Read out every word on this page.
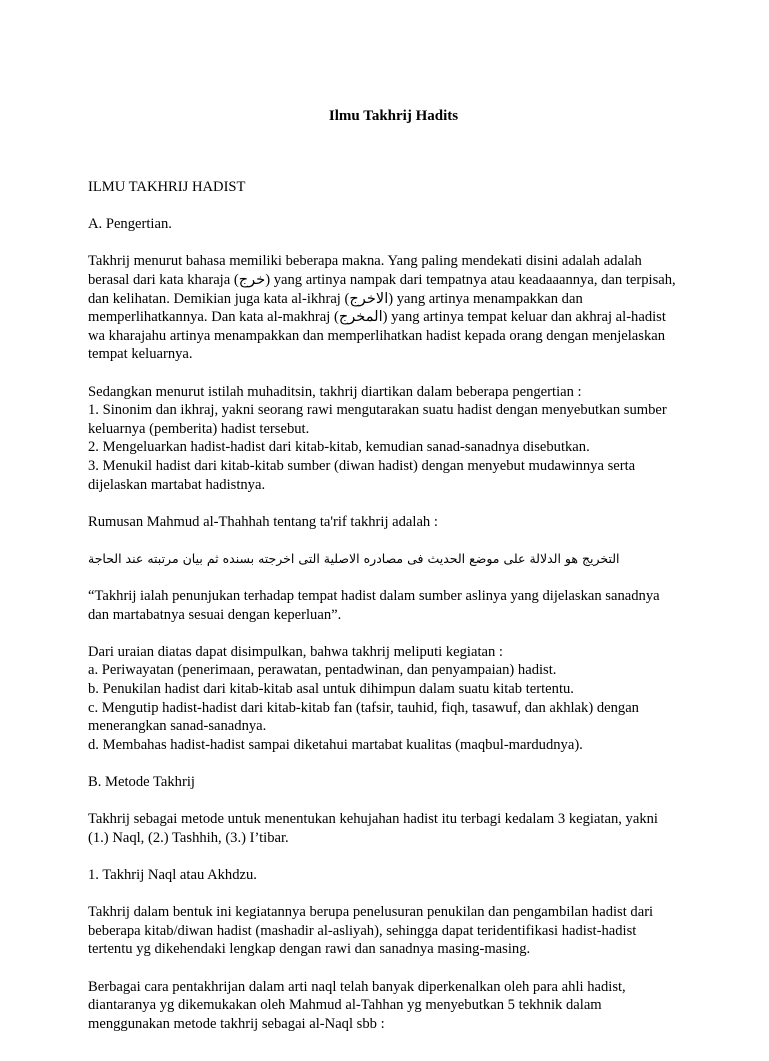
Ilmu Takhrij Hadits
ILMU TAKHRIJ HADIST
A. Pengertian.
Takhrij menurut bahasa memiliki beberapa makna. Yang paling mendekati disini adalah adalah
berasal dari kata kharaja (خرج) yang artinya nampak dari tempatnya atau keadaaannya, dan terpisah,
dan kelihatan. Demikian juga kata al-ikhraj (الاخرج) yang artinya menampakkan dan
memperlihatkannya. Dan kata al-makhraj (المخرج) yang artinya tempat keluar dan akhraj al-hadist
wa kharajahu artinya menampakkan dan memperlihatkan hadist kepada orang dengan menjelaskan
tempat keluarnya.
Sedangkan menurut istilah muhaditsin, takhrij diartikan dalam beberapa pengertian :
1. Sinonim dan ikhraj, yakni seorang rawi mengutarakan suatu hadist dengan menyebutkan sumber
keluarnya (pemberita) hadist tersebut.
2. Mengeluarkan hadist-hadist dari kitab-kitab, kemudian sanad-sanadnya disebutkan.
3. Menukil hadist dari kitab-kitab sumber (diwan hadist) dengan menyebut mudawinnya serta
dijelaskan martabat hadistnya.
Rumusan Mahmud al-Thahhah tentang ta'rif takhrij adalah :
التخريج هو الدلالة على موضع الحديث فى مصادره الاصلية التى اخرجته بسنده ثم بيان مرتبته عند الحاجة
“Takhrij ialah penunjukan terhadap tempat hadist dalam sumber aslinya yang dijelaskan sanadnya
dan martabatnya sesuai dengan keperluan”.
Dari uraian diatas dapat disimpulkan, bahwa takhrij meliputi kegiatan :
a. Periwayatan (penerimaan, perawatan, pentadwinan, dan penyampaian) hadist.
b. Penukilan hadist dari kitab-kitab asal untuk dihimpun dalam suatu kitab tertentu.
c. Mengutip hadist-hadist dari kitab-kitab fan (tafsir, tauhid, fiqh, tasawuf, dan akhlak) dengan
menerangkan sanad-sanadnya.
d. Membahas hadist-hadist sampai diketahui martabat kualitas (maqbul-mardudnya).
B. Metode Takhrij
Takhrij sebagai metode untuk menentukan kehujahan hadist itu terbagi kedalam 3 kegiatan, yakni
(1.) Naql, (2.) Tashhih, (3.) I’tibar.
1. Takhrij Naql atau Akhdzu.
Takhrij dalam bentuk ini kegiatannya berupa penelusuran penukilan dan pengambilan hadist dari
beberapa kitab/diwan hadist (mashadir al-asliyah), sehingga dapat teridentifikasi hadist-hadist
tertentu yg dikehendaki lengkap dengan rawi dan sanadnya masing-masing.
Berbagai cara pentakhrijan dalam arti naql telah banyak diperkenalkan oleh para ahli hadist,
diantaranya yg dikemukakan oleh Mahmud al-Tahhan yg menyebutkan 5 tekhnik dalam
menggunakan metode takhrij sebagai al-Naql sbb :
